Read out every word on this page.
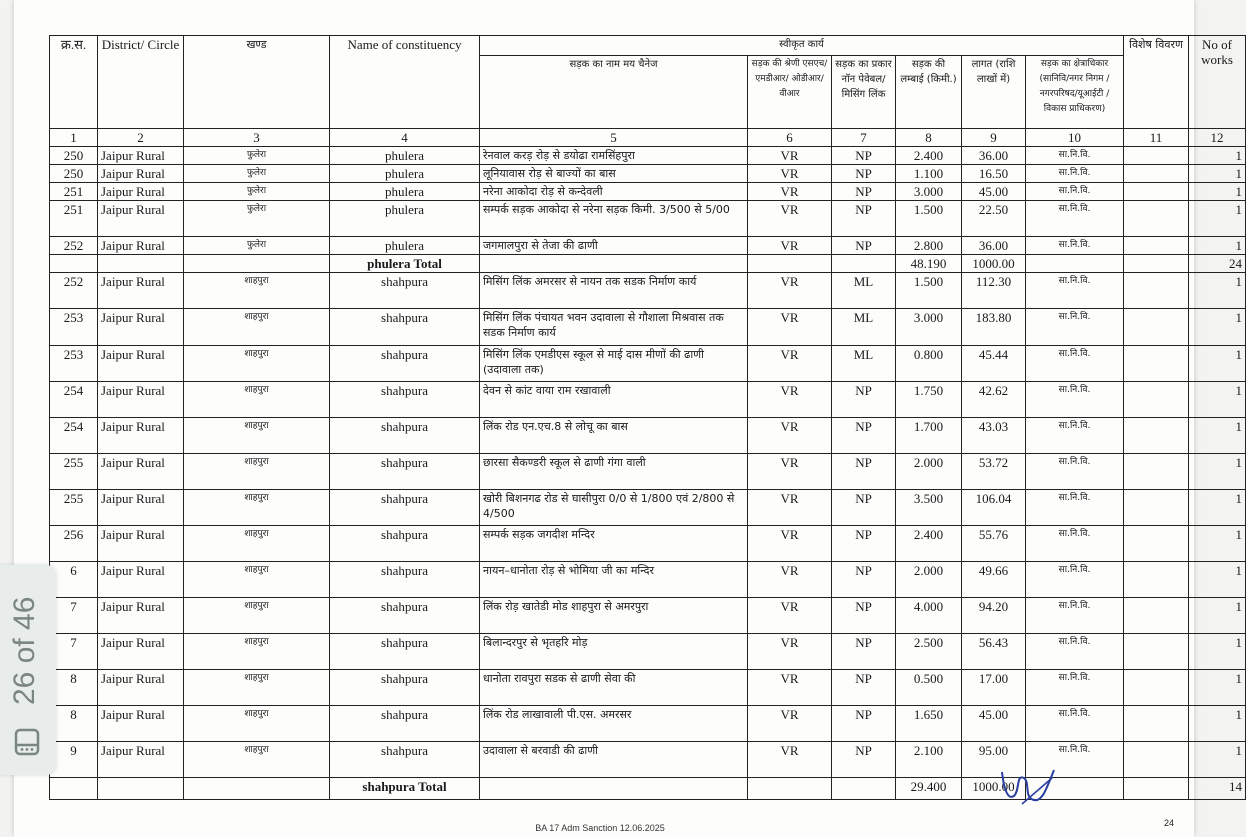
क्र.स.	District/ Circle	खण्ड	Name of constituency	स्वीकृत कार्य						विशेष विवरण	No of works
				सड़क का नाम मय चैनेज	सड़क की श्रेणी एसएच/एमडीआर/ ओडीआर/ वीआर	सड़क का प्रकार नॉन पेवेबल/ मिसिंग लिंक	सड़क की लम्बाई (किमी.)	लागत (राशि लाखों में)	सड़क का क्षेत्राधिकार (सानिवि/नगर निगम /नगरपरिषद/यूआईटी / विकास प्राधिकरण)		
1	2	3	4	5	6	7	8	9	10	11	12
250	Jaipur Rural	फुलेरा	phulera	रेनवाल करड़ रोड़ से डयोढा रामसिंहपुरा	VR	NP	2.400	36.00	सा.नि.वि.		1
250	Jaipur Rural	फुलेरा	phulera	लूनियावास रोड़ से बाज्यों का बास	VR	NP	1.100	16.50	सा.नि.वि.		1
251	Jaipur Rural	फुलेरा	phulera	नरेना आकोदा रोड़ से कन्देवली	VR	NP	3.000	45.00	सा.नि.वि.		1
251	Jaipur Rural	फुलेरा	phulera	सम्पर्क सड़क आकोदा से नरेना सड़क किमी. 3/500 से 5/00	VR	NP	1.500	22.50	सा.नि.वि.		1
252	Jaipur Rural	फुलेरा	phulera	जगमालपुरा से तेजा की ढाणी	VR	NP	2.800	36.00	सा.नि.वि.		1
			phulera Total				48.190	1000.00			24
252	Jaipur Rural	शाहपुरा	shahpura	मिसिंग लिंक अमरसर से नायन तक सडक निर्माण कार्य	VR	ML	1.500	112.30	सा.नि.वि.		1
253	Jaipur Rural	शाहपुरा	shahpura	मिसिंग लिंक पंचायत भवन उदावाला से गौशाला मिश्रवास तक सडक निर्माण कार्य	VR	ML	3.000	183.80	सा.नि.वि.		1
253	Jaipur Rural	शाहपुरा	shahpura	मिसिंग लिंक एमडीएस स्कूल से माई दास मीणों की ढाणी (उदावाला तक)	VR	ML	0.800	45.44	सा.नि.वि.		1
254	Jaipur Rural	शाहपुरा	shahpura	देवन से कांट वाया राम रखावाली	VR	NP	1.750	42.62	सा.नि.वि.		1
254	Jaipur Rural	शाहपुरा	shahpura	लिंक रोड एन.एच.8 से लोचू का बास	VR	NP	1.700	43.03	सा.नि.वि.		1
255	Jaipur Rural	शाहपुरा	shahpura	छारसा सैकण्डरी स्कूल से ढाणी गंगा वाली	VR	NP	2.000	53.72	सा.नि.वि.		1
255	Jaipur Rural	शाहपुरा	shahpura	खोरी बिशनगढ रोड से घासीपुरा 0/0 से 1/800 एवं 2/800 से 4/500	VR	NP	3.500	106.04	सा.नि.वि.		1
256	Jaipur Rural	शाहपुरा	shahpura	सम्पर्क सड़क जगदीश मन्दिर	VR	NP	2.400	55.76	सा.नि.वि.		1
6	Jaipur Rural	शाहपुरा	shahpura	नायन–धानोता रोड़ से भोमिया जी का मन्दिर	VR	NP	2.000	49.66	सा.नि.वि.		1
7	Jaipur Rural	शाहपुरा	shahpura	लिंक रोड़ खातेडी मोड शाहपुरा से अमरपुरा	VR	NP	4.000	94.20	सा.नि.वि.		1
7	Jaipur Rural	शाहपुरा	shahpura	बिलान्दरपुर से भृतहरि मोड़	VR	NP	2.500	56.43	सा.नि.वि.		1
8	Jaipur Rural	शाहपुरा	shahpura	धानोता रावपुरा सडक से ढाणी सेवा की	VR	NP	0.500	17.00	सा.नि.वि.		1
8	Jaipur Rural	शाहपुरा	shahpura	लिंक रोड लाखावाली पी.एस. अमरसर	VR	NP	1.650	45.00	सा.नि.वि.		1
9	Jaipur Rural	शाहपुरा	shahpura	उदावाला से बरवाडी की ढाणी	VR	NP	2.100	95.00	सा.नि.वि.		1
			shahpura Total				29.400	1000.00			14
24
BA 17 Adm Sanction 12.06.2025
26 of 46
